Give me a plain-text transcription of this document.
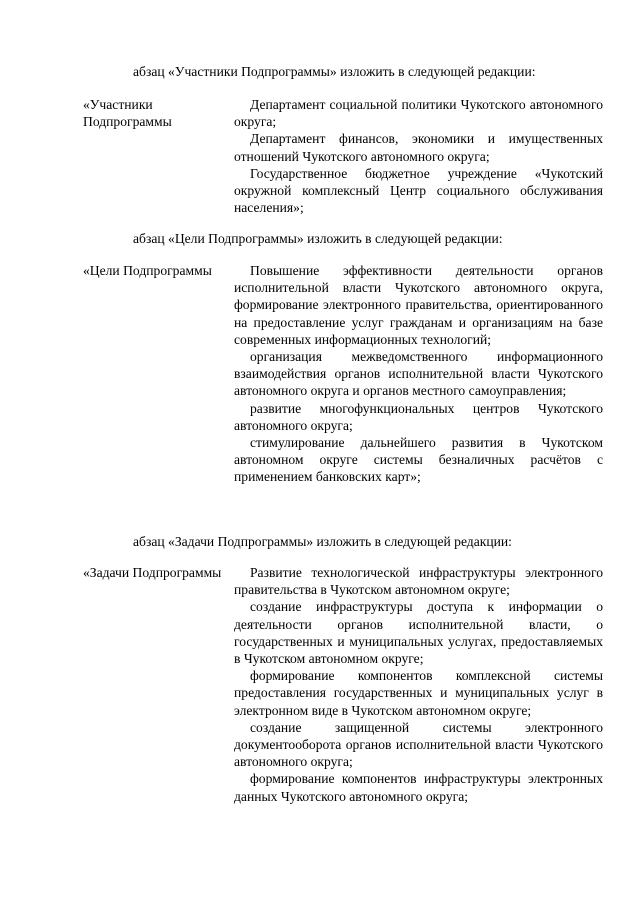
абзац «Участники Подпрограммы» изложить в следующей редакции:
«Участники Подпрограммы
Департамент социальной политики Чукотского автономного округа;
Департамент финансов, экономики и имущественных отношений Чукотского автономного округа;
Государственное бюджетное учреждение «Чукотский окружной комплексный Центр социального обслуживания населения»;
абзац «Цели Подпрограммы» изложить в следующей редакции:
«Цели Подпрограммы	Повышение эффективности деятельности органов исполнительной власти Чукотского автономного округа, формирование электронного правительства, ориентированного на предоставление услуг гражданам и организациям на базе современных информационных технологий;
организация межведомственного информационного взаимодействия органов исполнительной власти Чукотского автономного округа и органов местного самоуправления;
развитие многофункциональных центров Чукотского автономного округа;
стимулирование дальнейшего развития в Чукотском автономном округе системы безналичных расчётов с применением банковских карт»;
абзац «Задачи Подпрограммы» изложить в следующей редакции:
«Задачи Подпрограммы	Развитие технологической инфраструктуры электронного правительства в Чукотском автономном округе;
создание инфраструктуры доступа к информации о деятельности органов исполнительной власти, о государственных и муниципальных услугах, предоставляемых в Чукотском автономном округе;
формирование компонентов комплексной системы предоставления государственных и муниципальных услуг в электронном виде в Чукотском автономном округе;
создание защищенной системы электронного документооборота органов исполнительной власти Чукотского автономного округа;
формирование компонентов инфраструктуры электронных данных Чукотского автономного округа;
